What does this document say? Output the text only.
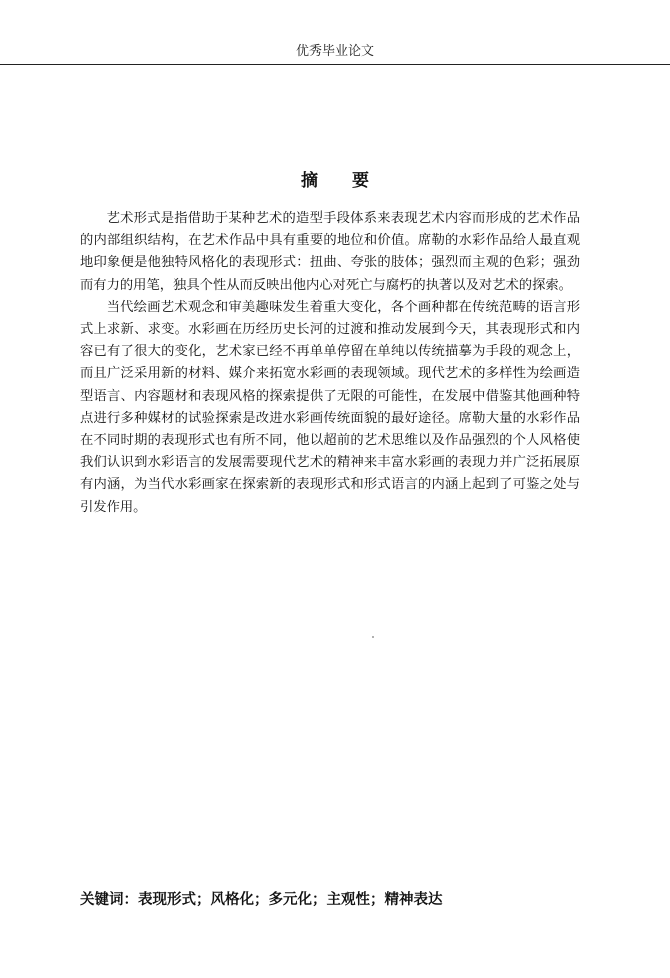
优秀毕业论文
摘要

艺术形式是指借助于某种艺术的造型手段体系来表现艺术内容而形成的艺术作品的内部组织结构，在艺术作品中具有重要的地位和价值。席勒的水彩作品给人最直观地印象便是他独特风格化的表现形式：扭曲、夸张的肢体；强烈而主观的色彩；强劲而有力的用笔，独具个性从而反映出他内心对死亡与腐朽的执著以及对艺术的探索。

当代绘画艺术观念和审美趣味发生着重大变化，各个画种都在传统范畴的语言形式上求新、求变。水彩画在历经历史长河的过渡和推动发展到今天，其表现形式和内容已有了很大的变化，艺术家已经不再单单停留在单纯以传统描摹为手段的观念上，而且广泛采用新的材料、媒介来拓宽水彩画的表现领域。现代艺术的多样性为绘画造型语言、内容题材和表现风格的探索提供了无限的可能性，在发展中借鉴其他画种特点进行多种媒材的试验探索是改进水彩画传统面貌的最好途径。席勒大量的水彩作品在不同时期的表现形式也有所不同，他以超前的艺术思维以及作品强烈的个人风格使我们认识到水彩语言的发展需要现代艺术的精神来丰富水彩画的表现力并广泛拓展原有内涵，为当代水彩画家在探索新的表现形式和形式语言的内涵上起到了可鉴之处与引发作用。

关键词：表现形式；风格化；多元化；主观性；精神表达
